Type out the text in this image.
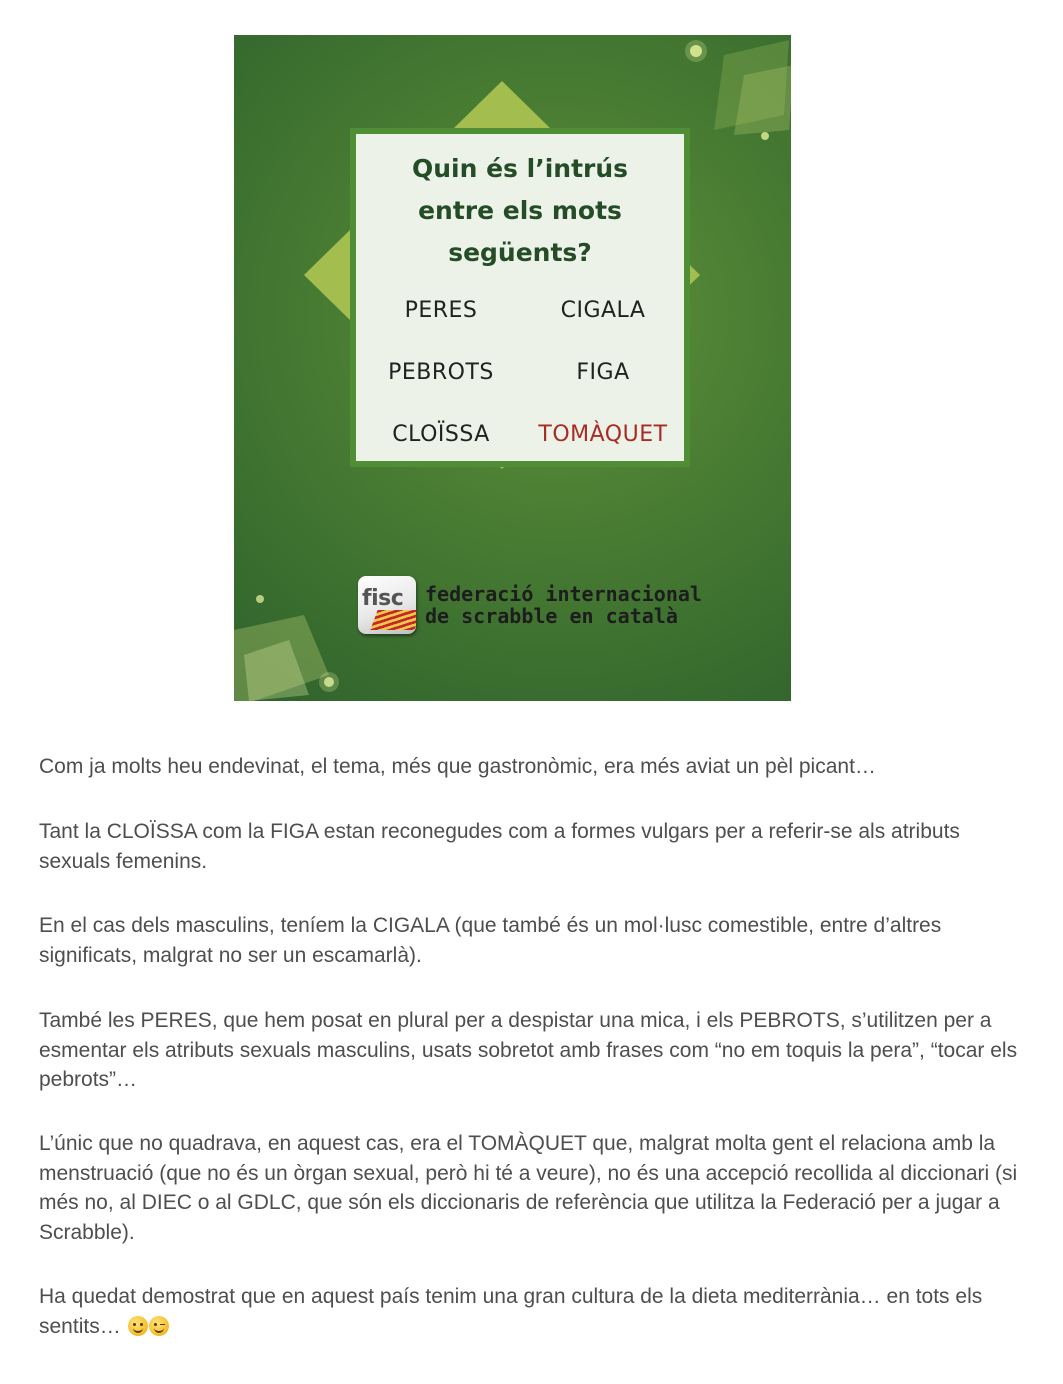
Quin és l’intrús
entre els mots
següents?
PERES	CIGALA
PEBROTS	FIGA
CLOÏSSA	TOMÀQUET
fisc federació internacional
de scrabble en català

Com ja molts heu endevinat, el tema, més que gastronòmic, era més aviat un pèl picant…

Tant la CLOÏSSA com la FIGA estan reconegudes com a formes vulgars per a referir-se als atributs sexuals femenins.

En el cas dels masculins, teníem la CIGALA (que també és un mol·lusc comestible, entre d’altres significats, malgrat no ser un escamarlà).

També les PERES, que hem posat en plural per a despistar una mica, i els PEBROTS, s’utilitzen per a esmentar els atributs sexuals masculins, usats sobretot amb frases com “no em toquis la pera”, “tocar els pebrots”…

L’únic que no quadrava, en aquest cas, era el TOMÀQUET que, malgrat molta gent el relaciona amb la menstruació (que no és un òrgan sexual, però hi té a veure), no és una accepció recollida al diccionari (si més no, al DIEC o al GDLC, que són els diccionaris de referència que utilitza la Federació per a jugar a Scrabble).

Ha quedat demostrat que en aquest país tenim una gran cultura de la dieta mediterrània… en tots els sentits…
